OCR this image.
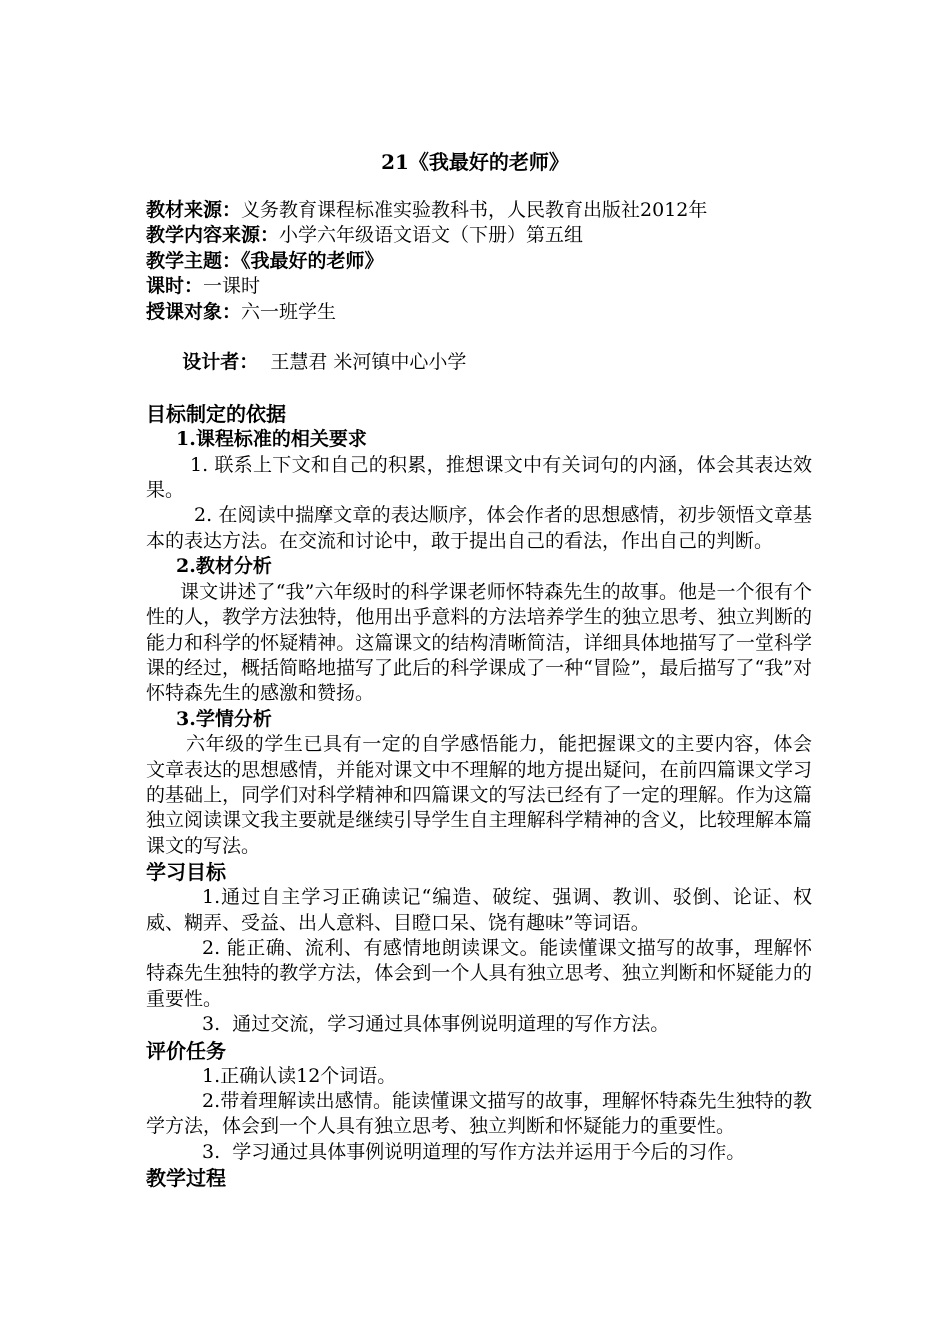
21《我最好的老师》
教材来源：义务教育课程标准实验教科书，人民教育出版社2012年
教学内容来源：小学六年级语文语文（下册）第五组
教学主题：《我最好的老师》
课时：一课时
授课对象：六一班学生

设计者：  王慧君 米河镇中心小学

目标制定的依据
1.课程标准的相关要求
1. 联系上下文和自己的积累，推想课文中有关词句的内涵，体会其表达效果。
2. 在阅读中揣摩文章的表达顺序，体会作者的思想感情，初步领悟文章基本的表达方法。在交流和讨论中，敢于提出自己的看法，作出自己的判断。
2.教材分析
课文讲述了“我”六年级时的科学课老师怀特森先生的故事。他是一个很有个性的人，教学方法独特，他用出乎意料的方法培养学生的独立思考、独立判断的能力和科学的怀疑精神。这篇课文的结构清晰简洁，详细具体地描写了一堂科学课的经过，概括简略地描写了此后的科学课成了一种“冒险”，最后描写了“我”对怀特森先生的感激和赞扬。
3.学情分析
六年级的学生已具有一定的自学感悟能力，能把握课文的主要内容，体会文章表达的思想感情，并能对课文中不理解的地方提出疑问，在前四篇课文学习的基础上，同学们对科学精神和四篇课文的写法已经有了一定的理解。作为这篇独立阅读课文我主要就是继续引导学生自主理解科学精神的含义，比较理解本篇课文的写法。
学习目标
1.通过自主学习正确读记“编造、破绽、强调、教训、驳倒、论证、权威、糊弄、受益、出人意料、目瞪口呆、饶有趣味”等词语。
2. 能正确、流利、有感情地朗读课文。能读懂课文描写的故事，理解怀特森先生独特的教学方法，体会到一个人具有独立思考、独立判断和怀疑能力的重要性。
3.  通过交流，学习通过具体事例说明道理的写作方法。
评价任务
1.正确认读12个词语。
2.带着理解读出感情。能读懂课文描写的故事，理解怀特森先生独特的教学方法，体会到一个人具有独立思考、独立判断和怀疑能力的重要性。
3.  学习通过具体事例说明道理的写作方法并运用于今后的习作。
教学过程
